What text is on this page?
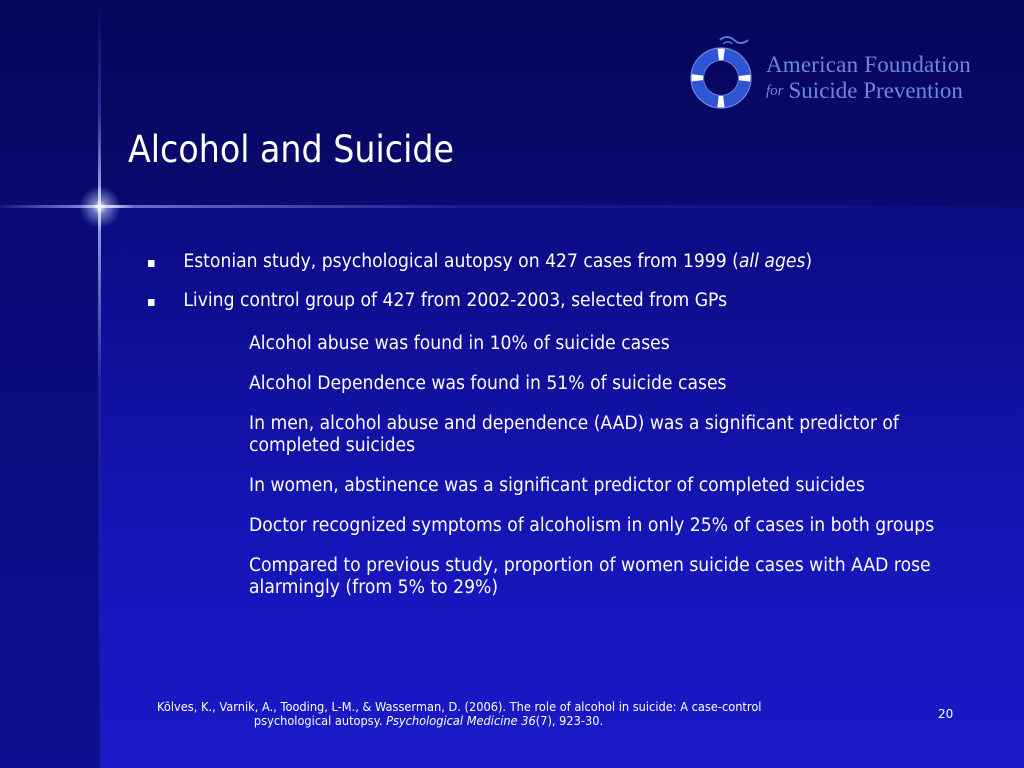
American Foundation
for Suicide Prevention
Alcohol and Suicide
Estonian study, psychological autopsy on 427 cases from 1999 (all ages)
Living control group of 427 from 2002-2003, selected from GPs
Alcohol abuse was found in 10% of suicide cases
Alcohol Dependence was found in 51% of suicide cases
In men, alcohol abuse and dependence (AAD) was a significant predictor of completed suicides
In women, abstinence was a significant predictor of completed suicides
Doctor recognized symptoms of alcoholism in only 25% of cases in both groups
Compared to previous study, proportion of women suicide cases with AAD rose alarmingly (from 5% to 29%)
Kõlves, K., Varnik, A., Tooding, L-M., & Wasserman, D. (2006). The role of alcohol in suicide: A case-control
psychological autopsy. Psychological Medicine 36(7), 923-30.	20
